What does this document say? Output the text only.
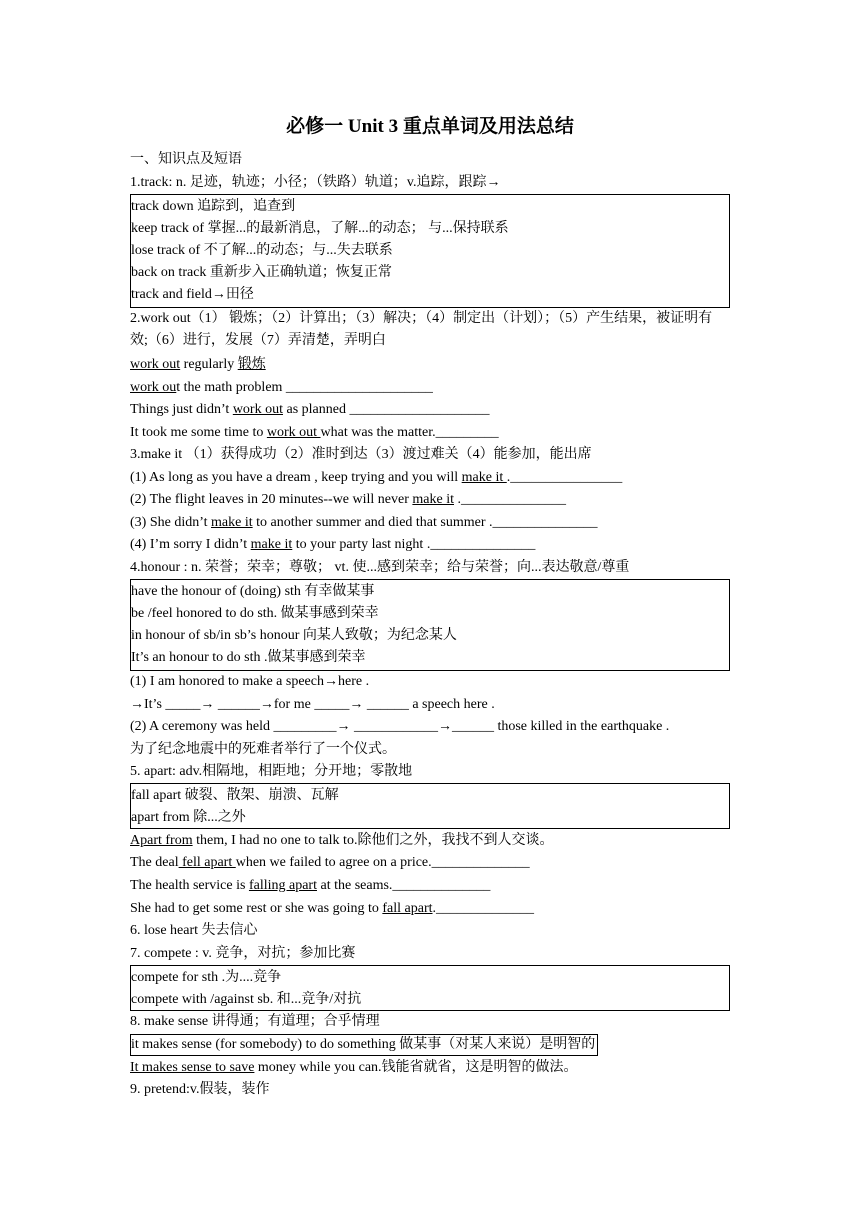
必修一 Unit 3 重点单词及用法总结
一、知识点及短语
1.track: n. 足迹，轨迹；小径；（铁路）轨道；v.追踪，跟踪→
track down 追踪到，追查到
keep track of 掌握...的最新消息，了解...的动态； 与...保持联系
lose track of 不了解...的动态；与...失去联系
back on track 重新步入正确轨道；恢复正常
track and field→田径
2.work out（1） 锻炼；（2）计算出；（3）解决；（4）制定出（计划）；（5）产生结果，被证明有效;（6）进行，发展（7）弄清楚，弄明白
work out regularly 锻炼
work out the math problem _____________________
Things just didn’t work out as planned ____________________
It took me some time to work out what was the matter._________
3.make it （1）获得成功（2）准时到达（3）渡过难关（4）能参加，能出席
(1) As long as you have a dream , keep trying and you will make it .________________
(2) The flight leaves in 20 minutes--we will never make it ._______________
(3) She didn’t make it to another summer and died that summer ._______________
(4) I’m sorry I didn’t make it to your party last night ._______________
4.honour : n. 荣誉；荣幸；尊敬； vt. 使...感到荣幸；给与荣誉；向...表达敬意/尊重
have the honour of (doing) sth 有幸做某事
be /feel honored to do sth. 做某事感到荣幸
in honour of sb/in sb’s honour 向某人致敬；为纪念某人
It’s an honour to do sth .做某事感到荣幸
(1) I am honored to make a speech→here .
→It’s _____→ ______→for me _____→ ______ a speech here .
(2) A ceremony was held _________→ ____________→______ those killed in the earthquake .
为了纪念地震中的死难者举行了一个仪式。
5. apart: adv.相隔地，相距地；分开地；零散地
fall apart 破裂、散架、崩溃、瓦解
apart from 除...之外
Apart from them, I had no one to talk to.除他们之外，我找不到人交谈。
The deal fell apart when we failed to agree on a price.______________
The health service is falling apart at the seams.______________
She had to get some rest or she was going to fall apart.______________
6. lose heart 失去信心
7. compete : v. 竞争，对抗；参加比赛
compete for sth .为....竞争
compete with /against sb. 和...竞争/对抗
8. make sense 讲得通；有道理；合乎情理
it makes sense (for somebody) to do something 做某事（对某人来说）是明智的
It makes sense to save money while you can.钱能省就省，这是明智的做法。
9. pretend:v.假装，装作
